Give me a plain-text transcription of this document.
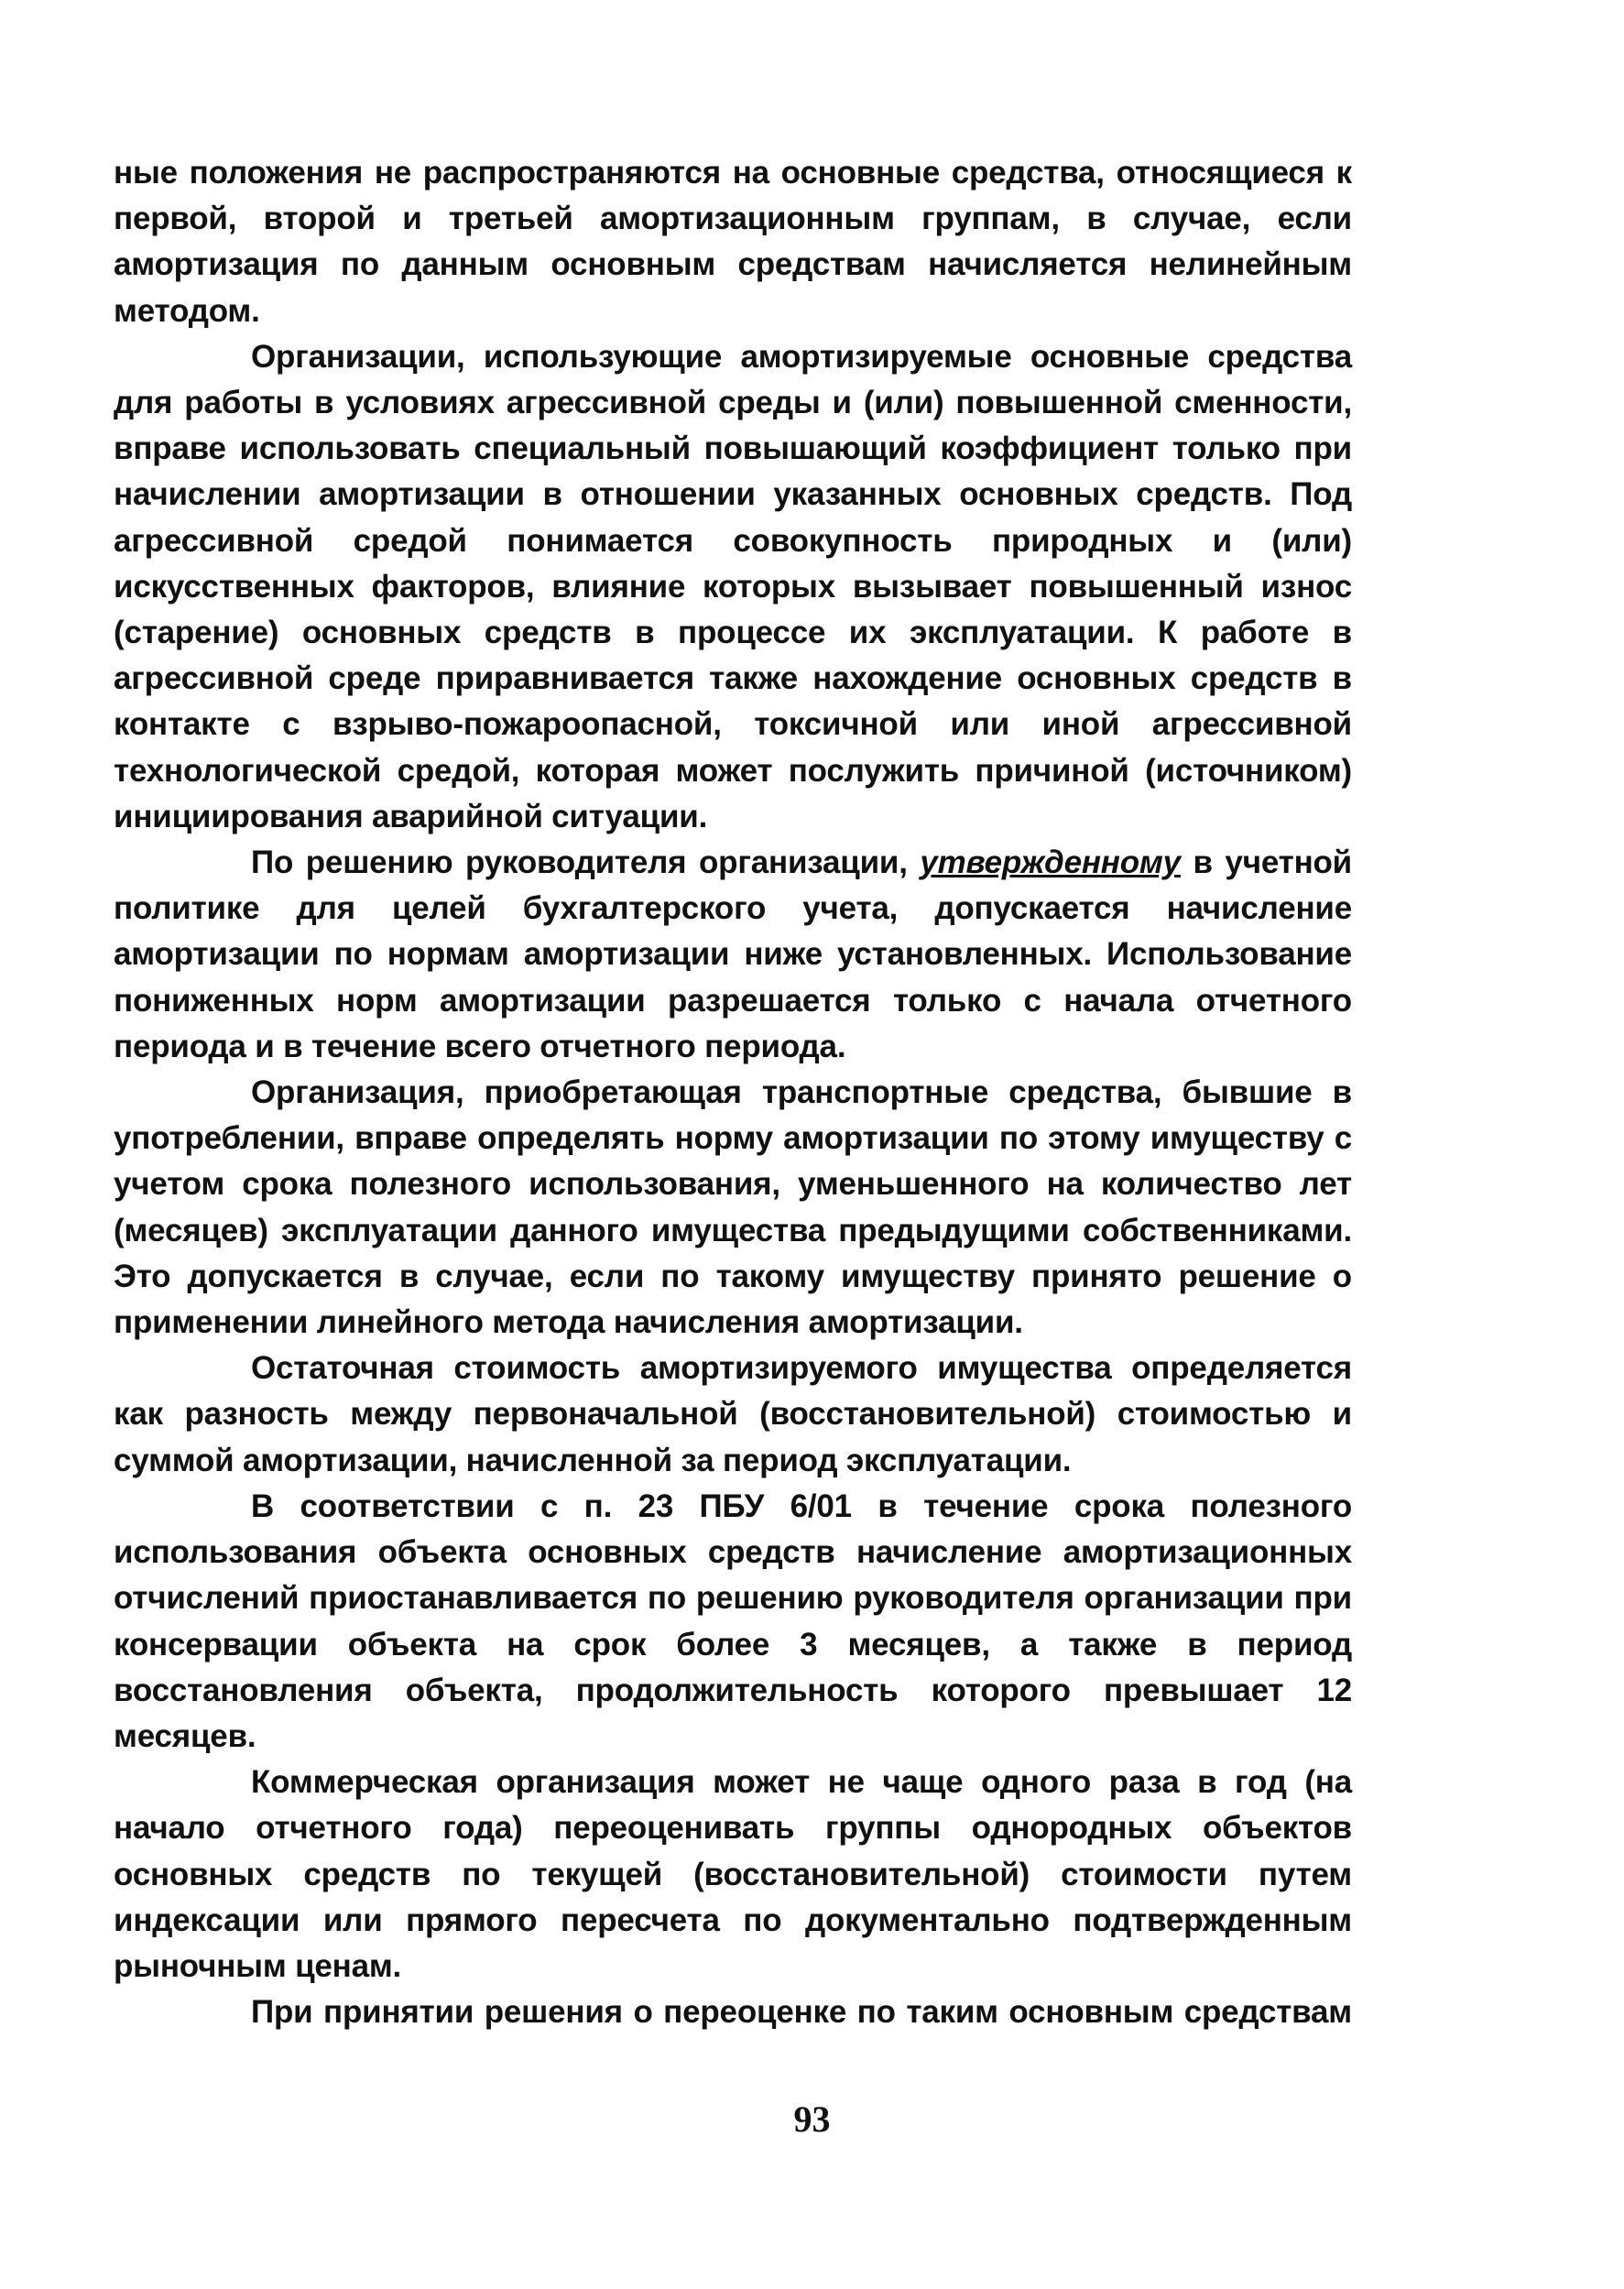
ные положения не распространяются на основные средства, относящиеся к первой, второй и третьей амортизационным группам, в случае, если амортизация по данным основным средствам начисляется нелинейным методом.

Организации, использующие амортизируемые основные средства для работы в условиях агрессивной среды и (или) повышенной сменности, вправе использовать специальный повышающий коэффициент только при начислении амортизации в отношении указанных основных средств. Под агрессивной средой понимается совокупность природных и (или) искусственных факторов, влияние которых вызывает повышенный износ (старение) основных средств в процессе их эксплуатации. К работе в агрессивной среде приравнивается также нахождение основных средств в контакте с взрыво-пожароопасной, токсичной или иной агрессивной технологической средой, которая может послужить причиной (источником) инициирования аварийной ситуации.

По решению руководителя организации, утвержденному в учетной политике для целей бухгалтерского учета, допускается начисление амортизации по нормам амортизации ниже установленных. Использование пониженных норм амортизации разрешается только с начала отчетного периода и в течение всего отчетного периода.

Организация, приобретающая транспортные средства, бывшие в употреблении, вправе определять норму амортизации по этому имуществу с учетом срока полезного использования, уменьшенного на количество лет (месяцев) эксплуатации данного имущества предыдущими собственниками. Это допускается в случае, если по такому имуществу принято решение о применении линейного метода начисления амортизации.

Остаточная стоимость амортизируемого имущества определяется как разность между первоначальной (восстановительной) стоимостью и суммой амортизации, начисленной за период эксплуатации.

В соответствии с п. 23 ПБУ 6/01 в течение срока полезного использования объекта основных средств начисление амортизационных отчислений приостанавливается по решению руководителя организации при консервации объекта на срок более 3 месяцев, а также в период восстановления объекта, продолжительность которого превышает 12 месяцев.

Коммерческая организация может не чаще одного раза в год (на начало отчетного года) переоценивать группы однородных объектов основных средств по текущей (восстановительной) стоимости путем индексации или прямого пересчета по документально подтвержденным рыночным ценам.

При принятии решения о переоценке по таким основным средствам

93
